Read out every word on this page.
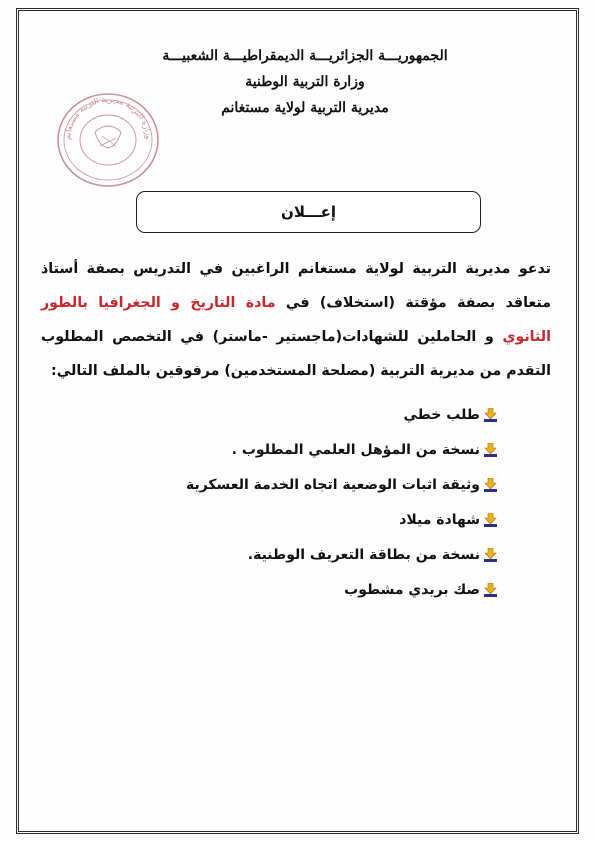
الجمهوريـــة الجزائريـــة الديمقراطيـــة الشعبيـــة
وزارة التربية الوطنية
مديرية التربية لولاية مستغانم
وزارة التربية مديرية التربية مستغانم
إعـــلان
تدعو مديرية التربية لولاية مستغانم الراغبين في التدريس بصفة أستاذ متعاقد بصفة مؤقتة (استخلاف) في مادة التاريخ و الجغرافيا بالطور الثانوي و الحاملين للشهادات(ماجستير -ماستر) في التخصص المطلوب التقدم من مديرية التربية (مصلحة المستخدمين) مرفوقين بالملف التالي:
طلب خطي
نسخة من المؤهل العلمي المطلوب .
وثيقة اثبات الوضعية اتجاه الخدمة العسكرية
شهادة ميلاد
نسخة من بطاقة التعريف الوطنية.
صك بريدي مشطوب
